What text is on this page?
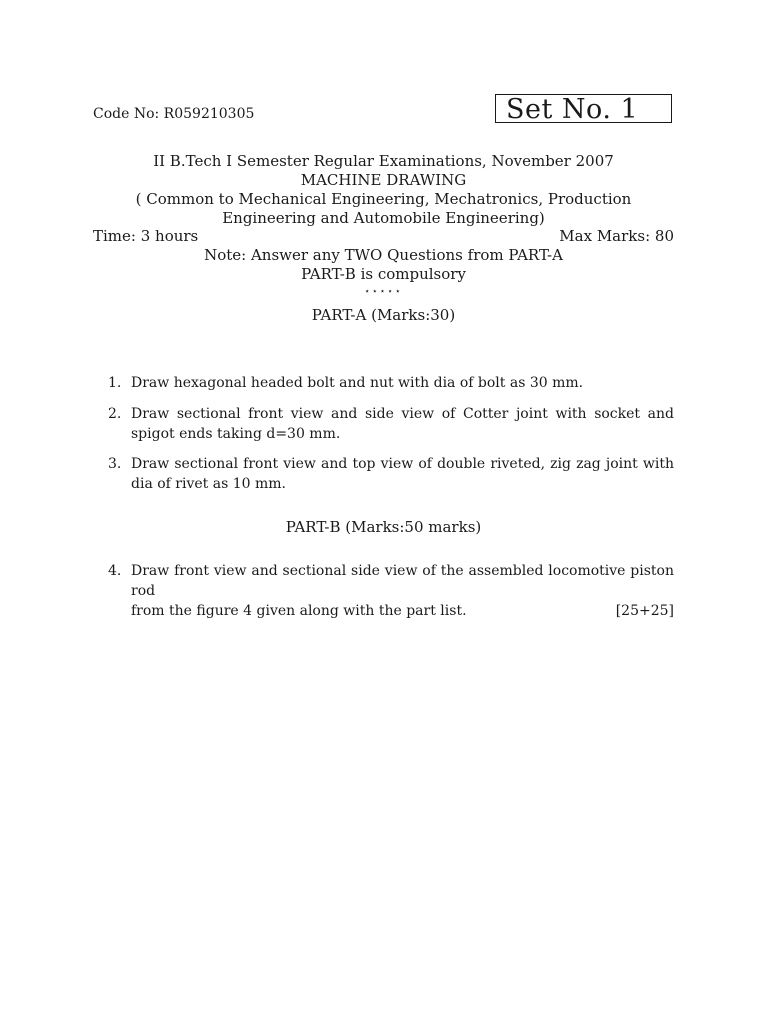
Code No: R059210305	Set No. 1
II B.Tech I Semester Regular Examinations, November 2007
MACHINE DRAWING
( Common to Mechanical Engineering, Mechatronics, Production
Engineering and Automobile Engineering)
Time: 3 hours	Max Marks: 80
Note: Answer any TWO Questions from PART-A
PART-B is compulsory
⋆⋆⋆⋆⋆
PART-A (Marks:30)
1. Draw hexagonal headed bolt and nut with dia of bolt as 30 mm.
2. Draw sectional front view and side view of Cotter joint with socket and spigot ends taking d=30 mm.
3. Draw sectional front view and top view of double riveted, zig zag joint with dia of rivet as 10 mm.
PART-B (Marks:50 marks)
4. Draw front view and sectional side view of the assembled locomotive piston rod
from the figure 4 given along with the part list.	[25+25]
